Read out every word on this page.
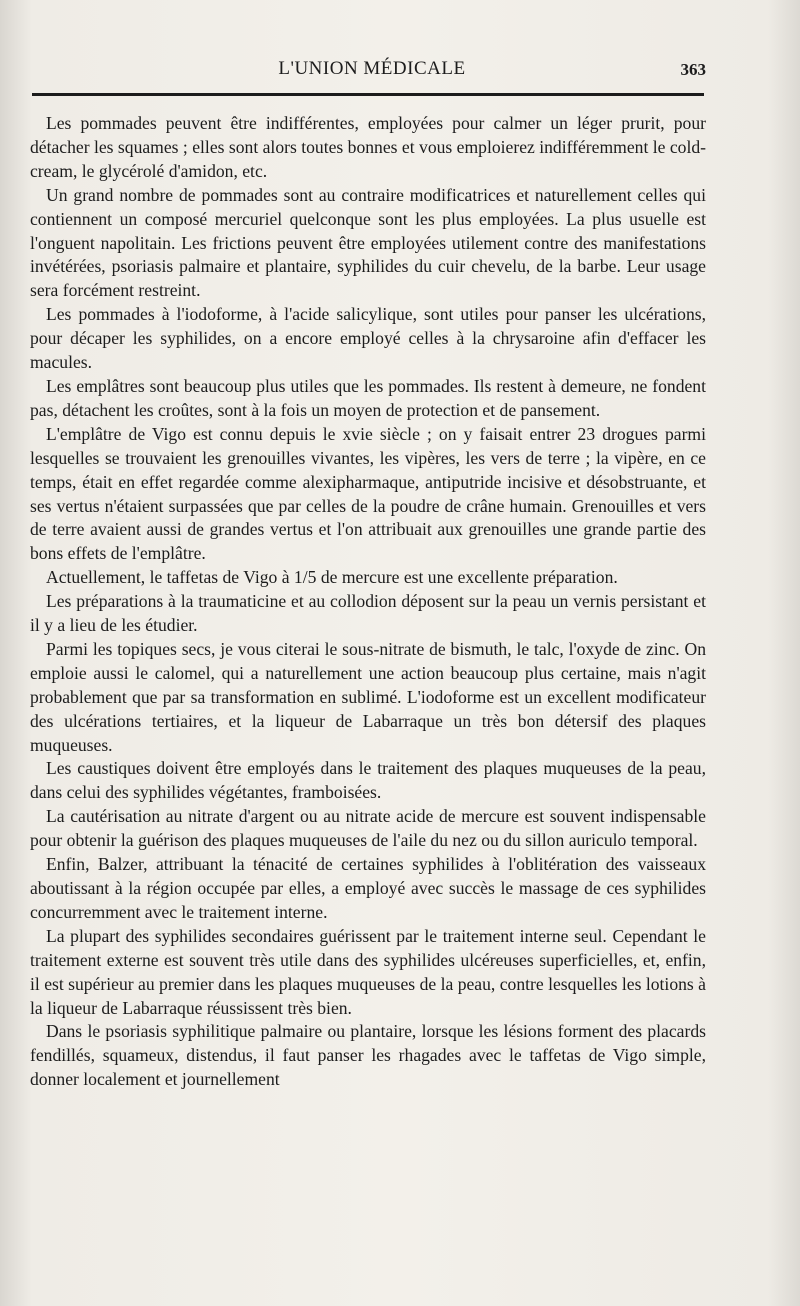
L'UNION MÉDICALE	363

Les pommades peuvent être indifférentes, employées pour calmer un léger prurit, pour détacher les squames ; elles sont alors toutes bonnes et vous emploierez indifféremment le cold-cream, le glycérolé d'amidon, etc.

Un grand nombre de pommades sont au contraire modificatrices et naturellement celles qui contiennent un composé mercuriel quelconque sont les plus employées. La plus usuelle est l'onguent napolitain. Les frictions peuvent être employées utilement contre des manifestations invétérées, psoriasis palmaire et plantaire, syphilides du cuir chevelu, de la barbe. Leur usage sera forcément restreint.

Les pommades à l'iodoforme, à l'acide salicylique, sont utiles pour panser les ulcérations, pour décaper les syphilides, on a encore employé celles à la chrysaroine afin d'effacer les macules.

Les emplâtres sont beaucoup plus utiles que les pommades. Ils restent à demeure, ne fondent pas, détachent les croûtes, sont à la fois un moyen de protection et de pansement.

L'emplâtre de Vigo est connu depuis le xvie siècle ; on y faisait entrer 23 drogues parmi lesquelles se trouvaient les grenouilles vivantes, les vipères, les vers de terre ; la vipère, en ce temps, était en effet regardée comme alexipharmaque, antiputride incisive et désobstruante, et ses vertus n'étaient surpassées que par celles de la poudre de crâne humain. Grenouilles et vers de terre avaient aussi de grandes vertus et l'on attribuait aux grenouilles une grande partie des bons effets de l'emplâtre.

Actuellement, le taffetas de Vigo à 1/5 de mercure est une excellente préparation.

Les préparations à la traumaticine et au collodion déposent sur la peau un vernis persistant et il y a lieu de les étudier.

Parmi les topiques secs, je vous citerai le sous-nitrate de bismuth, le talc, l'oxyde de zinc. On emploie aussi le calomel, qui a naturellement une action beaucoup plus certaine, mais n'agit probablement que par sa transformation en sublimé. L'iodoforme est un excellent modificateur des ulcérations tertiaires, et la liqueur de Labarraque un très bon détersif des plaques muqueuses.

Les caustiques doivent être employés dans le traitement des plaques muqueuses de la peau, dans celui des syphilides végétantes, framboisées.

La cautérisation au nitrate d'argent ou au nitrate acide de mercure est souvent indispensable pour obtenir la guérison des plaques muqueuses de l'aile du nez ou du sillon auriculo temporal.

Enfin, Balzer, attribuant la ténacité de certaines syphilides à l'oblitération des vaisseaux aboutissant à la région occupée par elles, a employé avec succès le massage de ces syphilides concurremment avec le traitement interne.

La plupart des syphilides secondaires guérissent par le traitement interne seul. Cependant le traitement externe est souvent très utile dans des syphilides ulcéreuses superficielles, et, enfin, il est supérieur au premier dans les plaques muqueuses de la peau, contre lesquelles les lotions à la liqueur de Labarraque réussissent très bien.

Dans le psoriasis syphilitique palmaire ou plantaire, lorsque les lésions forment des placards fendillés, squameux, distendus, il faut panser les rhagades avec le taffetas de Vigo simple, donner localement et journellement
